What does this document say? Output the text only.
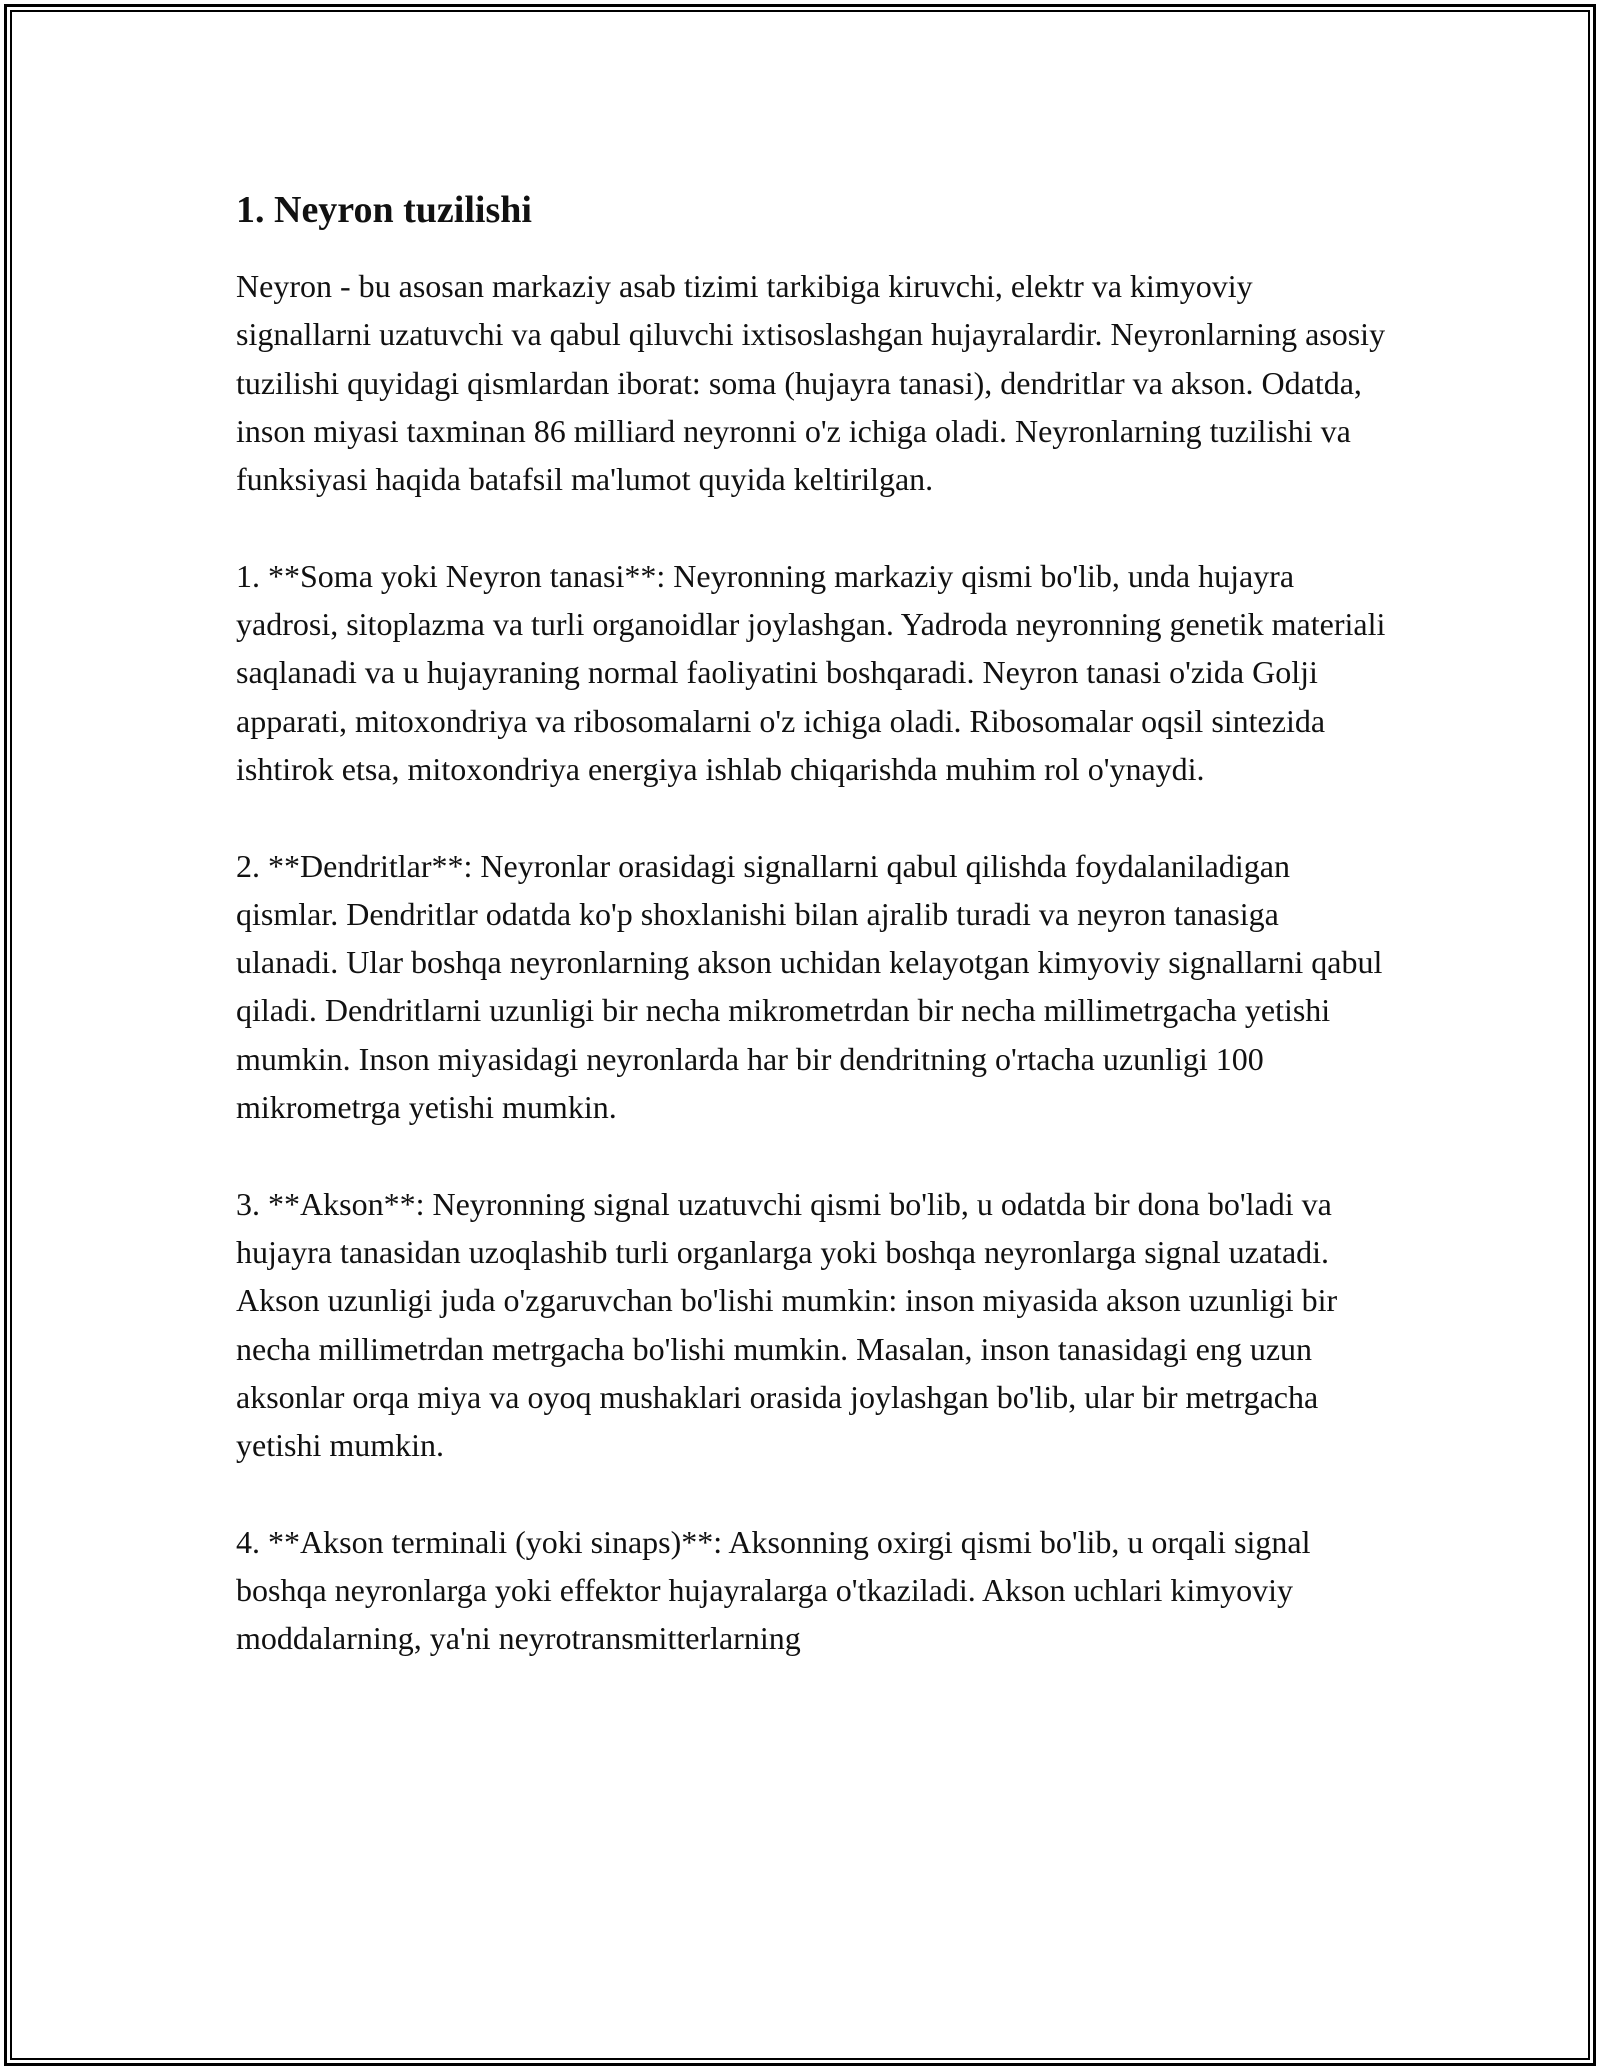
1. Neyron tuzilishi

Neyron - bu asosan markaziy asab tizimi tarkibiga kiruvchi, elektr va kimyoviy signallarni uzatuvchi va qabul qiluvchi ixtisoslashgan hujayralardir. Neyronlarning asosiy tuzilishi quyidagi qismlardan iborat: soma (hujayra tanasi), dendritlar va akson. Odatda, inson miyasi taxminan 86 milliard neyronni o'z ichiga oladi. Neyronlarning tuzilishi va funksiyasi haqida batafsil ma'lumot quyida keltirilgan.

1. **Soma yoki Neyron tanasi**: Neyronning markaziy qismi bo'lib, unda hujayra yadrosi, sitoplazma va turli organoidlar joylashgan. Yadroda neyronning genetik materiali saqlanadi va u hujayraning normal faoliyatini boshqaradi. Neyron tanasi o'zida Golji apparati, mitoxondriya va ribosomalarni o'z ichiga oladi. Ribosomalar oqsil sintezida ishtirok etsa, mitoxondriya energiya ishlab chiqarishda muhim rol o'ynaydi.

2. **Dendritlar**: Neyronlar orasidagi signallarni qabul qilishda foydalaniladigan qismlar. Dendritlar odatda ko'p shoxlanishi bilan ajralib turadi va neyron tanasiga ulanadi. Ular boshqa neyronlarning akson uchidan kelayotgan kimyoviy signallarni qabul qiladi. Dendritlarni uzunligi bir necha mikrometrdan bir necha millimetrgacha yetishi mumkin. Inson miyasidagi neyronlarda har bir dendritning o'rtacha uzunligi 100 mikrometrga yetishi mumkin.

3. **Akson**: Neyronning signal uzatuvchi qismi bo'lib, u odatda bir dona bo'ladi va hujayra tanasidan uzoqlashib turli organlarga yoki boshqa neyronlarga signal uzatadi. Akson uzunligi juda o'zgaruvchan bo'lishi mumkin: inson miyasida akson uzunligi bir necha millimetrdan metrgacha bo'lishi mumkin. Masalan, inson tanasidagi eng uzun aksonlar orqa miya va oyoq mushaklari orasida joylashgan bo'lib, ular bir metrgacha yetishi mumkin.

4. **Akson terminali (yoki sinaps)**: Aksonning oxirgi qismi bo'lib, u orqali signal boshqa neyronlarga yoki effektor hujayralarga o'tkaziladi. Akson uchlari kimyoviy moddalarning, ya'ni neyrotransmitterlarning
